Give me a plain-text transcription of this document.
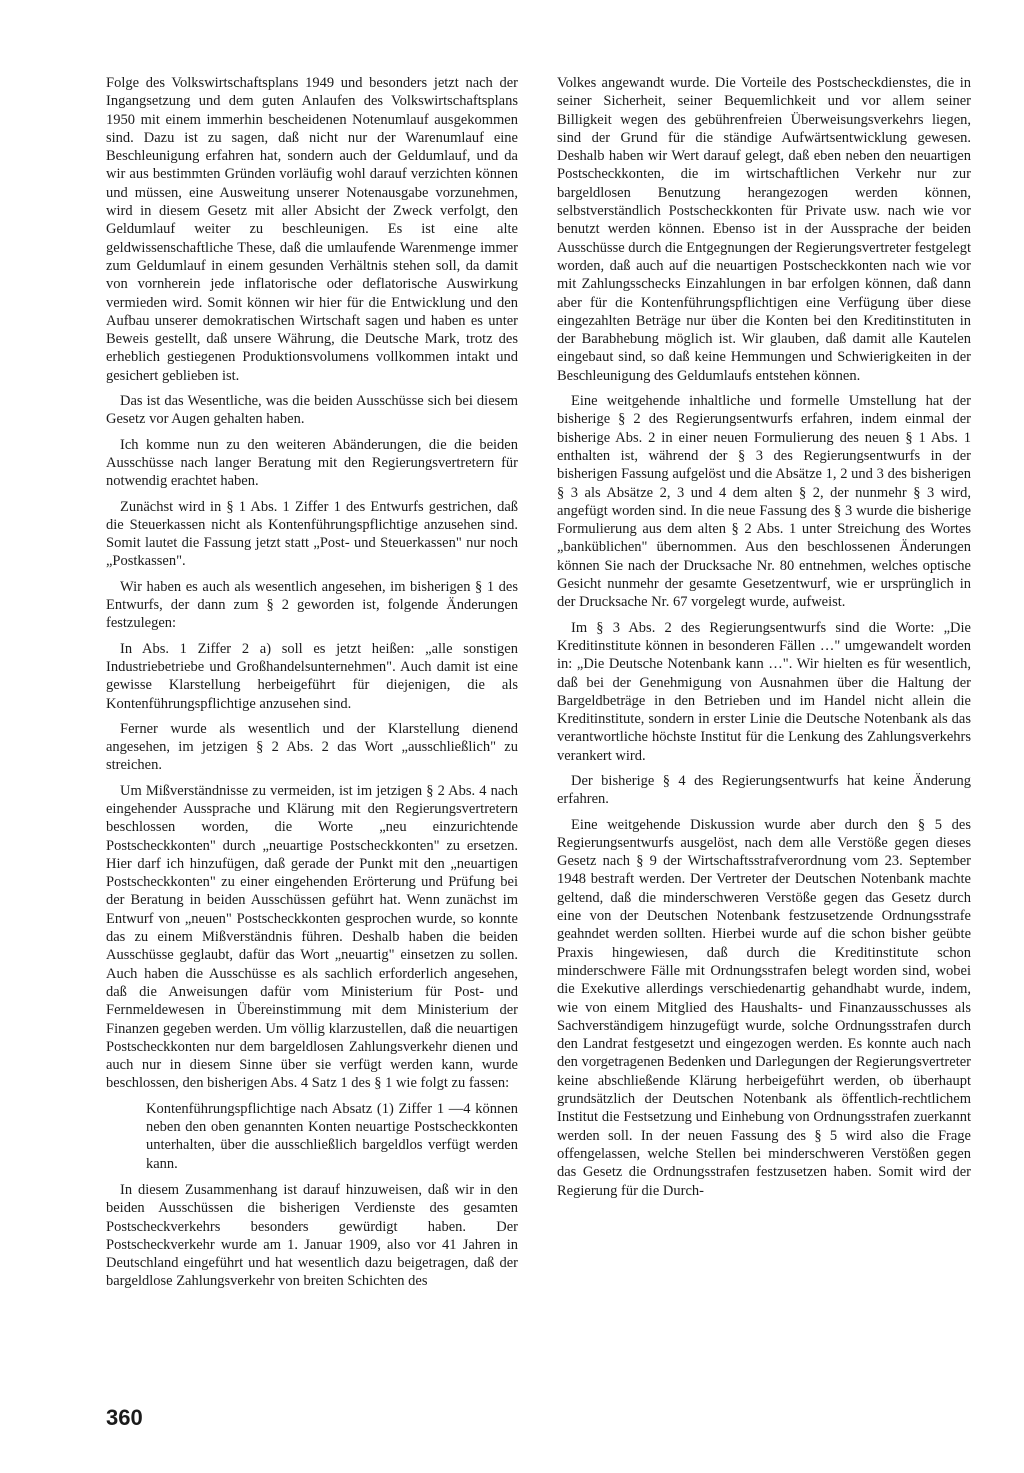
Folge des Volkswirtschaftsplans 1949 und besonders jetzt nach der Ingangsetzung und dem guten Anlaufen des Volkswirtschaftsplans 1950 mit einem immerhin bescheidenen Notenumlauf ausgekommen sind. Dazu ist zu sagen, daß nicht nur der Warenumlauf eine Beschleunigung erfahren hat, sondern auch der Geldumlauf, und da wir aus bestimmten Gründen vorläufig wohl darauf verzichten können und müssen, eine Ausweitung unserer Notenausgabe vorzunehmen, wird in diesem Gesetz mit aller Absicht der Zweck verfolgt, den Geldumlauf weiter zu beschleunigen. Es ist eine alte geldwissenschaftliche These, daß die umlaufende Warenmenge immer zum Geldumlauf in einem gesunden Verhältnis stehen soll, da damit von vornherein jede inflatorische oder deflatorische Auswirkung vermieden wird. Somit können wir hier für die Entwicklung und den Aufbau unserer demokratischen Wirtschaft sagen und haben es unter Beweis gestellt, daß unsere Währung, die Deutsche Mark, trotz des erheblich gestiegenen Produktionsvolumens vollkommen intakt und gesichert geblieben ist.

Das ist das Wesentliche, was die beiden Ausschüsse sich bei diesem Gesetz vor Augen gehalten haben.

Ich komme nun zu den weiteren Abänderungen, die die beiden Ausschüsse nach langer Beratung mit den Regierungsvertretern für notwendig erachtet haben.

Zunächst wird in § 1 Abs. 1 Ziffer 1 des Entwurfs gestrichen, daß die Steuerkassen nicht als Kontenführungspflichtige anzusehen sind. Somit lautet die Fassung jetzt statt „Post- und Steuerkassen" nur noch „Postkassen".

Wir haben es auch als wesentlich angesehen, im bisherigen § 1 des Entwurfs, der dann zum § 2 geworden ist, folgende Änderungen festzulegen:

In Abs. 1 Ziffer 2 a) soll es jetzt heißen: „alle sonstigen Industriebetriebe und Großhandelsunternehmen". Auch damit ist eine gewisse Klarstellung herbeigeführt für diejenigen, die als Kontenführungspflichtige anzusehen sind.

Ferner wurde als wesentlich und der Klarstellung dienend angesehen, im jetzigen § 2 Abs. 2 das Wort „ausschließlich" zu streichen.

Um Mißverständnisse zu vermeiden, ist im jetzigen § 2 Abs. 4 nach eingehender Aussprache und Klärung mit den Regierungsvertretern beschlossen worden, die Worte „neu einzurichtende Postscheckkonten" durch „neuartige Postscheckkonten" zu ersetzen. Hier darf ich hinzufügen, daß gerade der Punkt mit den „neuartigen Postscheckkonten" zu einer eingehenden Erörterung und Prüfung bei der Beratung in beiden Ausschüssen geführt hat. Wenn zunächst im Entwurf von „neuen" Postscheckkonten gesprochen wurde, so konnte das zu einem Mißverständnis führen. Deshalb haben die beiden Ausschüsse geglaubt, dafür das Wort „neuartig" einsetzen zu sollen. Auch haben die Ausschüsse es als sachlich erforderlich angesehen, daß die Anweisungen dafür vom Ministerium für Post- und Fernmeldewesen in Übereinstimmung mit dem Ministerium der Finanzen gegeben werden. Um völlig klarzustellen, daß die neuartigen Postscheckkonten nur dem bargeldlosen Zahlungsverkehr dienen und auch nur in diesem Sinne über sie verfügt werden kann, wurde beschlossen, den bisherigen Abs. 4 Satz 1 des § 1 wie folgt zu fassen:

Kontenführungspflichtige nach Absatz (1) Ziffer 1 —4 können neben den oben genannten Konten neuartige Postscheckkonten unterhalten, über die ausschließlich bargeldlos verfügt werden kann.

In diesem Zusammenhang ist darauf hinzuweisen, daß wir in den beiden Ausschüssen die bisherigen Verdienste des gesamten Postscheckverkehrs besonders gewürdigt haben. Der Postscheckverkehr wurde am 1. Januar 1909, also vor 41 Jahren in Deutschland eingeführt und hat wesentlich dazu beigetragen, daß der bargeldlose Zahlungsverkehr von breiten Schichten des

Volkes angewandt wurde. Die Vorteile des Postscheckdienstes, die in seiner Sicherheit, seiner Bequemlichkeit und vor allem seiner Billigkeit wegen des gebührenfreien Überweisungsverkehrs liegen, sind der Grund für die ständige Aufwärtsentwicklung gewesen. Deshalb haben wir Wert darauf gelegt, daß eben neben den neuartigen Postscheckkonten, die im wirtschaftlichen Verkehr nur zur bargeldlosen Benutzung herangezogen werden können, selbstverständlich Postscheckkonten für Private usw. nach wie vor benutzt werden können. Ebenso ist in der Aussprache der beiden Ausschüsse durch die Entgegnungen der Regierungsvertreter festgelegt worden, daß auch auf die neuartigen Postscheckkonten nach wie vor mit Zahlungsschecks Einzahlungen in bar erfolgen können, daß dann aber für die Kontenführungspflichtigen eine Verfügung über diese eingezahlten Beträge nur über die Konten bei den Kreditinstituten in der Barabhebung möglich ist. Wir glauben, daß damit alle Kautelen eingebaut sind, so daß keine Hemmungen und Schwierigkeiten in der Beschleunigung des Geldumlaufs entstehen können.

Eine weitgehende inhaltliche und formelle Umstellung hat der bisherige § 2 des Regierungsentwurfs erfahren, indem einmal der bisherige Abs. 2 in einer neuen Formulierung des neuen § 1 Abs. 1 enthalten ist, während der § 3 des Regierungsentwurfs in der bisherigen Fassung aufgelöst und die Absätze 1, 2 und 3 des bisherigen § 3 als Absätze 2, 3 und 4 dem alten § 2, der nunmehr § 3 wird, angefügt worden sind. In die neue Fassung des § 3 wurde die bisherige Formulierung aus dem alten § 2 Abs. 1 unter Streichung des Wortes „banküblichen" übernommen. Aus den beschlossenen Änderungen können Sie nach der Drucksache Nr. 80 entnehmen, welches optische Gesicht nunmehr der gesamte Gesetzentwurf, wie er ursprünglich in der Drucksache Nr. 67 vorgelegt wurde, aufweist.

Im § 3 Abs. 2 des Regierungsentwurfs sind die Worte: „Die Kreditinstitute können in besonderen Fällen …" umgewandelt worden in: „Die Deutsche Notenbank kann …". Wir hielten es für wesentlich, daß bei der Genehmigung von Ausnahmen über die Haltung der Bargeldbeträge in den Betrieben und im Handel nicht allein die Kreditinstitute, sondern in erster Linie die Deutsche Notenbank als das verantwortliche höchste Institut für die Lenkung des Zahlungsverkehrs verankert wird.

Der bisherige § 4 des Regierungsentwurfs hat keine Änderung erfahren.

Eine weitgehende Diskussion wurde aber durch den § 5 des Regierungsentwurfs ausgelöst, nach dem alle Verstöße gegen dieses Gesetz nach § 9 der Wirtschaftsstrafverordnung vom 23. September 1948 bestraft werden. Der Vertreter der Deutschen Notenbank machte geltend, daß die minderschweren Verstöße gegen das Gesetz durch eine von der Deutschen Notenbank festzusetzende Ordnungsstrafe geahndet werden sollten. Hierbei wurde auf die schon bisher geübte Praxis hingewiesen, daß durch die Kreditinstitute schon minderschwere Fälle mit Ordnungsstrafen belegt worden sind, wobei die Exekutive allerdings verschiedenartig gehandhabt wurde, indem, wie von einem Mitglied des Haushalts- und Finanzausschusses als Sachverständigem hinzugefügt wurde, solche Ordnungsstrafen durch den Landrat festgesetzt und eingezogen werden. Es konnte auch nach den vorgetragenen Bedenken und Darlegungen der Regierungsvertreter keine abschließende Klärung herbeigeführt werden, ob überhaupt grundsätzlich der Deutschen Notenbank als öffentlich-rechtlichem Institut die Festsetzung und Einhebung von Ordnungsstrafen zuerkannt werden soll. In der neuen Fassung des § 5 wird also die Frage offengelassen, welche Stellen bei minderschweren Verstößen gegen das Gesetz die Ordnungsstrafen festzusetzen haben. Somit wird der Regierung für die Durch-

360
